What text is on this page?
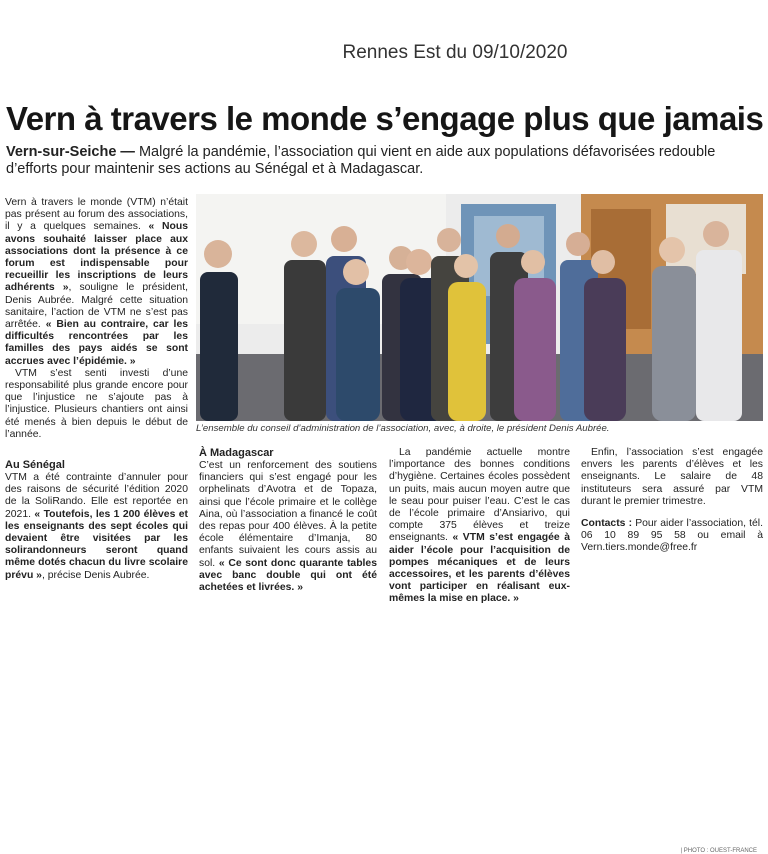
Rennes Est du 09/10/2020
Vern à travers le monde s’engage plus que jamais
Vern-sur-Seiche — Malgré la pandémie, l’association qui vient en aide aux populations défavorisées redouble d’efforts pour maintenir ses actions au Sénégal et à Madagascar.

Vern à travers le monde (VTM) n’était pas présent au forum des associations, il y a quelques semaines. « Nous avons souhaité laisser place aux associations dont la présence à ce forum est indispensable pour recueillir les inscriptions de leurs adhérents », souligne le président, Denis Aubrée. Malgré cette situation sanitaire, l’action de VTM ne s’est pas arrêtée. « Bien au contraire, car les difficultés rencontrées par les familles des pays aidés se sont accrues avec l’épidémie. »

VTM s’est senti investi d’une responsabilité plus grande encore pour que l’injustice ne s’ajoute pas à l’injustice. Plusieurs chantiers ont ainsi été menés à bien depuis le début de l’année.

Au Sénégal

VTM a été contrainte d’annuler pour des raisons de sécurité l’édition 2020 de la SoliRando. Elle est reportée en 2021. « Toutefois, les 1 200 élèves et les enseignants des sept écoles qui devaient être visitées par les solirandonneurs seront quand même dotés chacun du livre scolaire prévu », précise Denis Aubrée.

L’ensemble du conseil d’administration de l’association, avec, à droite, le président Denis Aubrée.
| PHOTO : OUEST-FRANCE
À Madagascar

C’est un renforcement des soutiens financiers qui s’est engagé pour les orphelinats d’Avotra et de Topaza, ainsi que l’école primaire et le collège Aina, où l’association a financé le coût des repas pour 400 élèves. À la petite école élémentaire d’Imanja, 80 enfants suivaient les cours assis au sol. « Ce sont donc quarante tables avec banc double qui ont été achetées et livrées. »

La pandémie actuelle montre l’importance des bonnes conditions d’hygiène. Certaines écoles possèdent un puits, mais aucun moyen autre que le seau pour puiser l’eau. C’est le cas de l’école primaire d’Ansiarivo, qui compte 375 élèves et treize enseignants. « VTM s’est engagée à aider l’école pour l’acquisition de pompes mécaniques et de leurs accessoires, et les parents d’élèves vont participer en réalisant eux-mêmes la mise en place. »

Enfin, l’association s’est engagée envers les parents d’élèves et les enseignants. Le salaire de 48 instituteurs sera assuré par VTM durant le premier trimestre.

Contacts : Pour aider l’association, tél. 06 10 89 95 58 ou email à Vern.tiers.monde@free.fr
